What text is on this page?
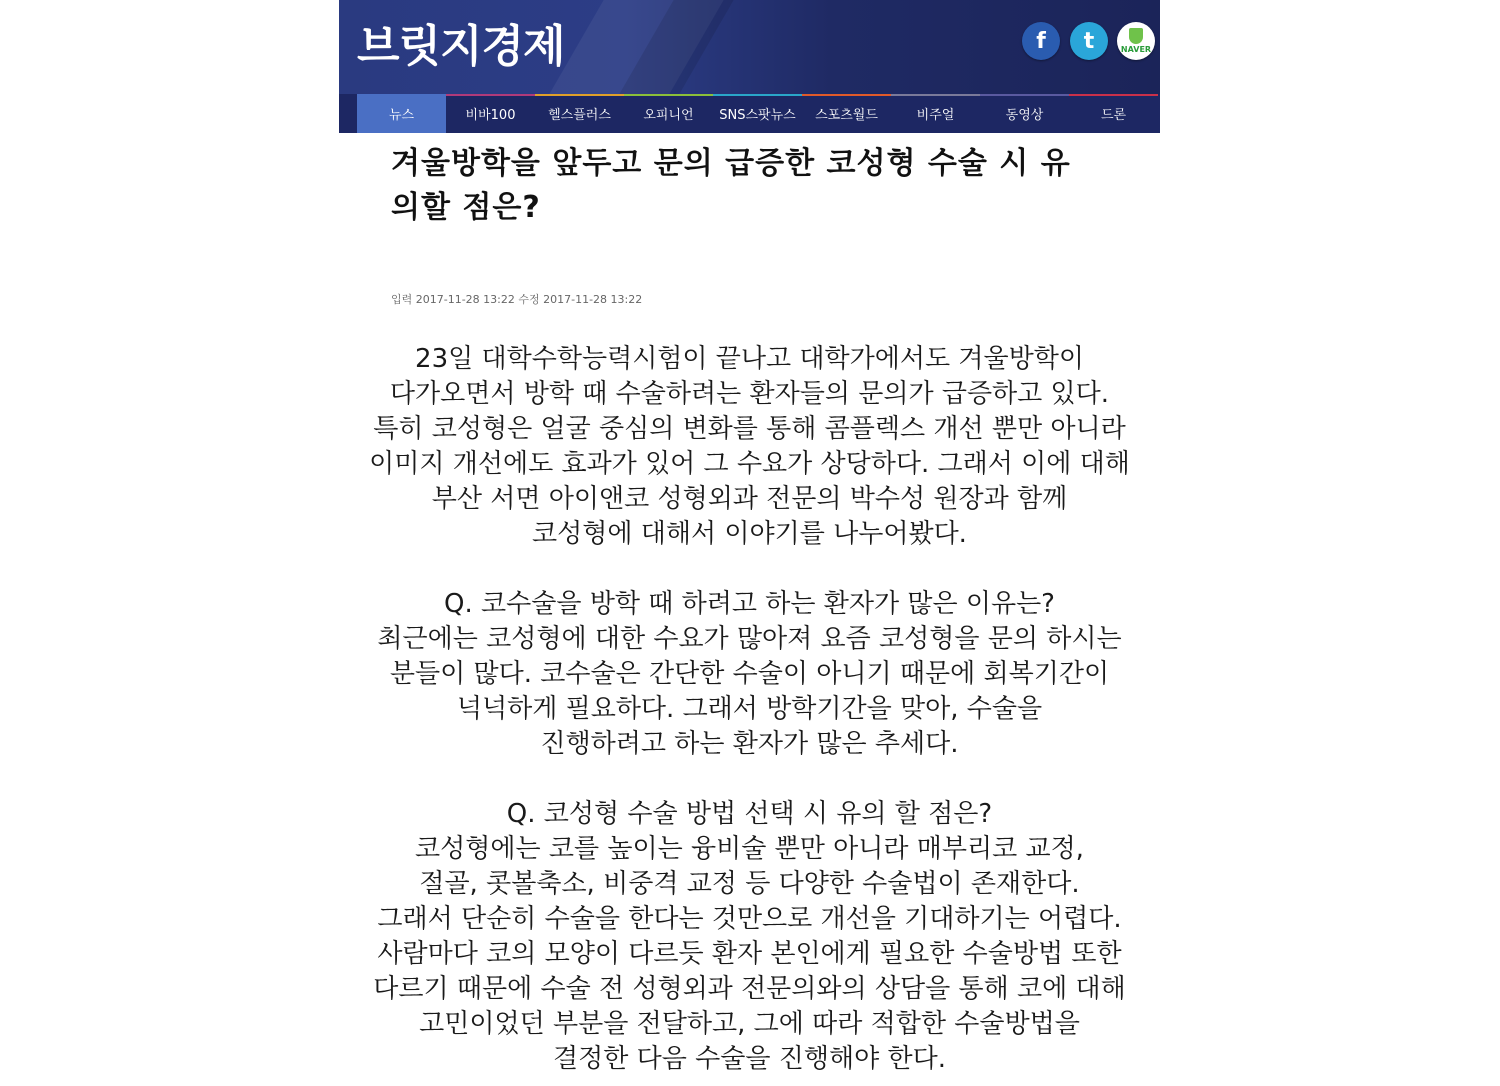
브릿지경제	f	t	NAVER
뉴스	비바100	헬스플러스 오피니언 SNS스팟뉴스 스포츠월드	비주얼	동영상	드론
겨울방학을 앞두고 문의 급증한 코성형 수술 시 유
의할 점은?
입력 2017-11-28 13:22 수정 2017-11-28 13:22

23일 대학수학능력시험이 끝나고 대학가에서도 겨울방학이

다가오면서 방학 때 수술하려는 환자들의 문의가 급증하고 있다.

특히 코성형은 얼굴 중심의 변화를 통해 콤플렉스 개선 뿐만 아니라

이미지 개선에도 효과가 있어 그 수요가 상당하다. 그래서 이에 대해

부산 서면 아이앤코 성형외과 전문의 박수성 원장과 함께

코성형에 대해서 이야기를 나누어봤다.

Q. 코수술을 방학 때 하려고 하는 환자가 많은 이유는?

최근에는 코성형에 대한 수요가 많아져 요즘 코성형을 문의 하시는

분들이 많다. 코수술은 간단한 수술이 아니기 때문에 회복기간이

넉넉하게 필요하다. 그래서 방학기간을 맞아, 수술을

진행하려고 하는 환자가 많은 추세다.

Q. 코성형 수술 방법 선택 시 유의 할 점은?

코성형에는 코를 높이는 융비술 뿐만 아니라 매부리코 교정,

절골, 콧볼축소, 비중격 교정 등 다양한 수술법이 존재한다.

그래서 단순히 수술을 한다는 것만으로 개선을 기대하기는 어렵다.

사람마다 코의 모양이 다르듯 환자 본인에게 필요한 수술방법 또한

다르기 때문에 수술 전 성형외과 전문의와의 상담을 통해 코에 대해

고민이었던 부분을 전달하고, 그에 따라 적합한 수술방법을

결정한 다음 수술을 진행해야 한다.
